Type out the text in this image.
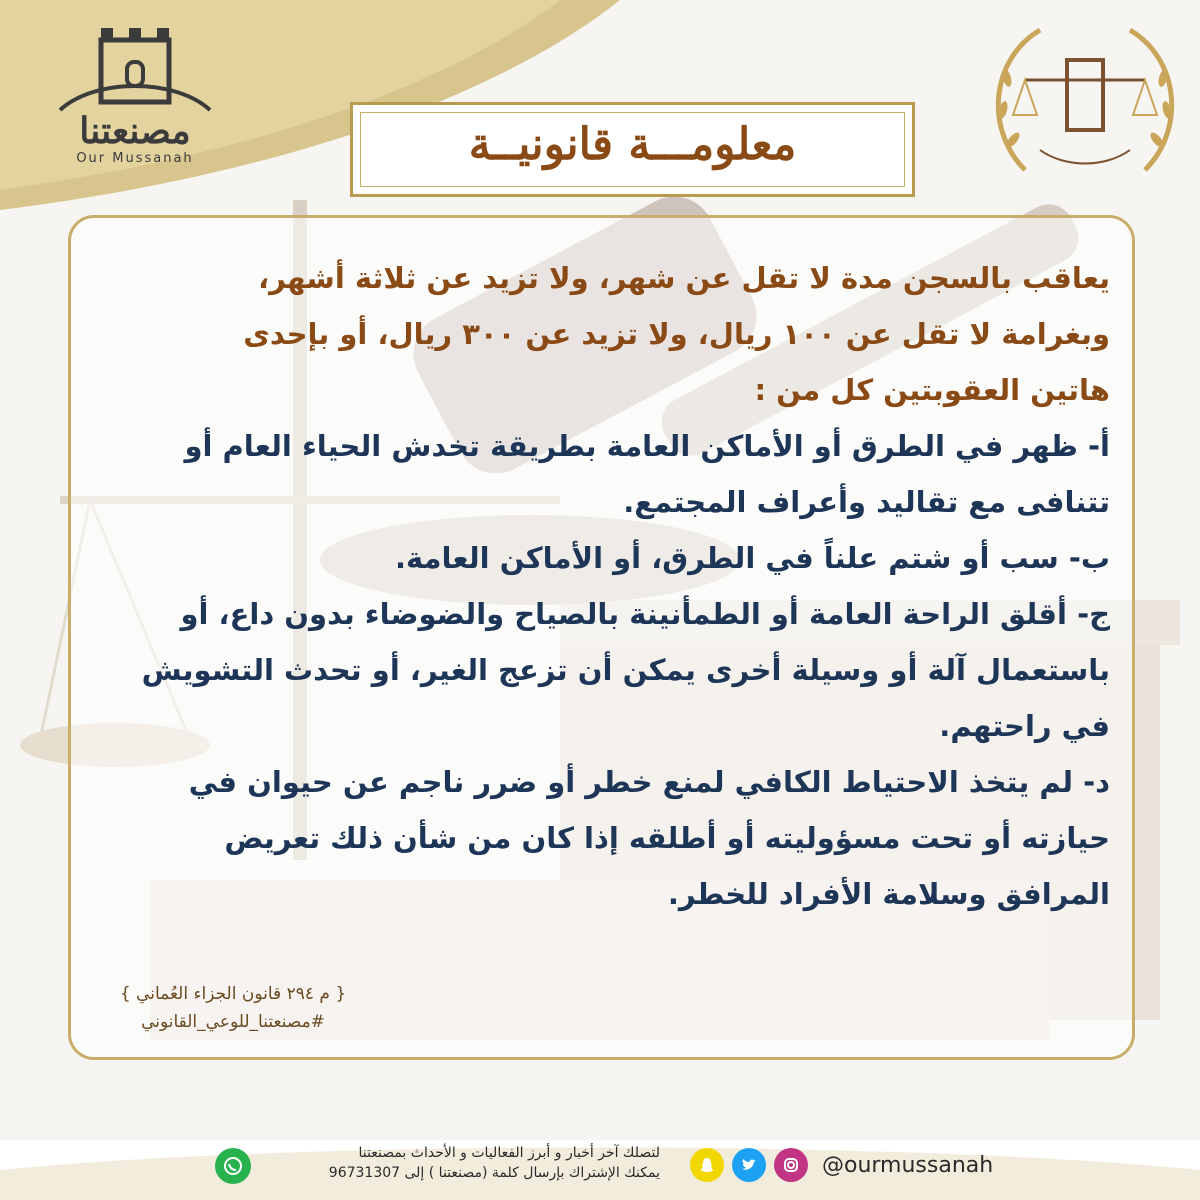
مصنعتنا
Our Mussanah	معلومـــة قانونيــة

يعاقب بالسجن مدة لا تقل عن شهر، ولا تزيد عن ثلاثة أشهر،

وبغرامة لا تقل عن ١٠٠ ريال، ولا تزيد عن ٣٠٠ ريال، أو بإحدى

هاتين العقوبتين كل من :

أ- ظهر في الطرق أو الأماكن العامة بطريقة تخدش الحياء العام أو

تتنافى مع تقاليد وأعراف المجتمع.

ب- سب أو شتم علناً في الطرق، أو الأماكن العامة.

ج- أقلق الراحة العامة أو الطمأنينة بالصياح والضوضاء بدون داع، أو

باستعمال آلة أو وسيلة أخرى يمكن أن تزعج الغير، أو تحدث التشويش

في راحتهم.

د- لم يتخذ الاحتياط الكافي لمنع خطر أو ضرر ناجم عن حيوان في

حيازته أو تحت مسؤوليته أو أطلقه إذا كان من شأن ذلك تعريض

المرافق وسلامة الأفراد للخطر.

{ م ٢٩٤ قانون الجزاء العُماني }
#مصنعتنا_للوعي_القانوني
لتصلك آخر أخبار و أبرز الفعاليات و الأحداث بمصنعتنا
يمكنك الإشتراك بإرسال كلمة (مصنعتنا ) إلى 96731307	@ourmussanah
